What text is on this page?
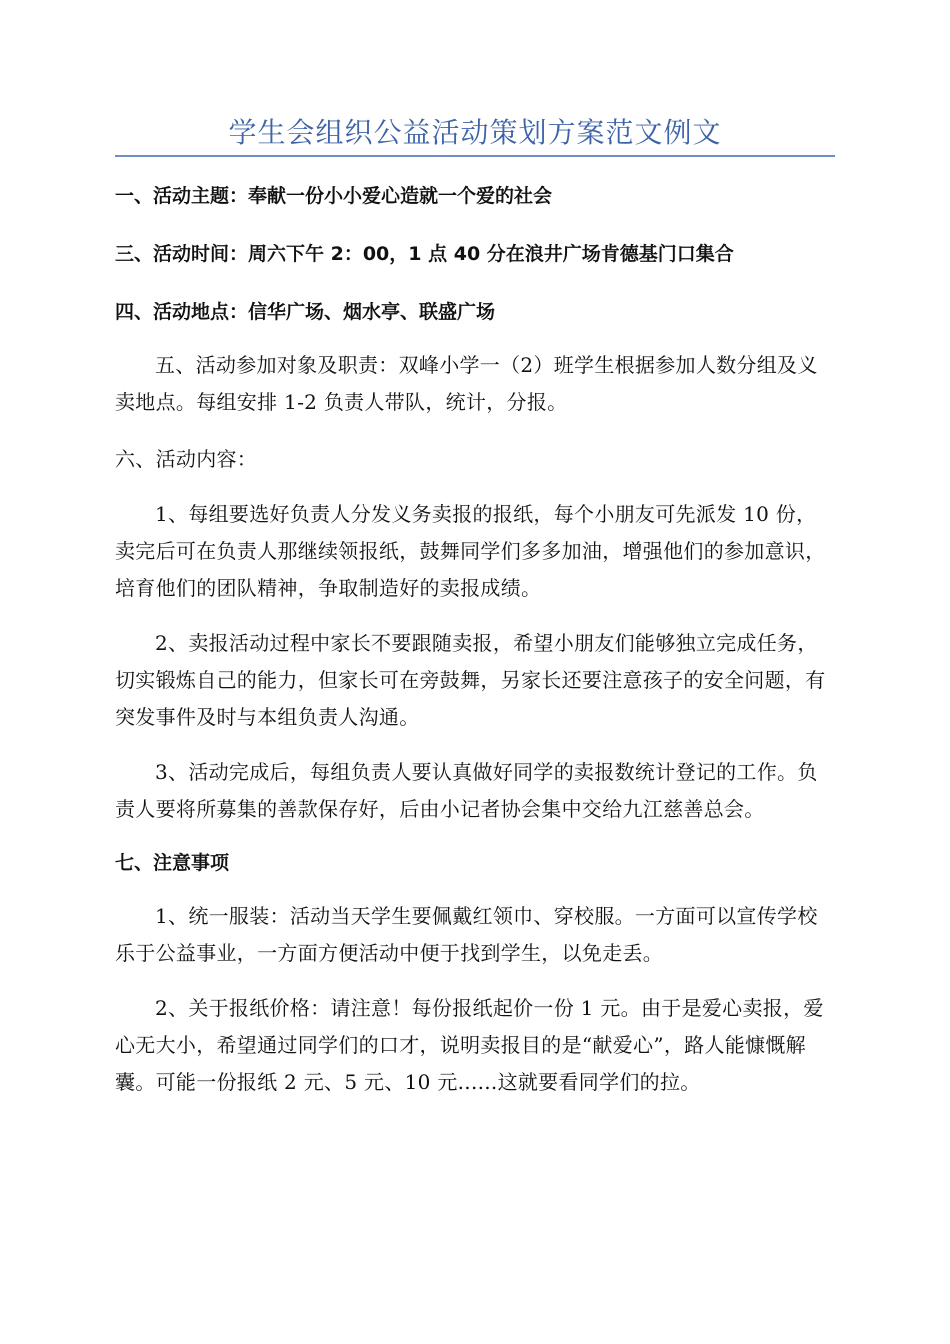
学生会组织公益活动策划方案范文例文
一、活动主题：奉献一份小小爱心造就一个爱的社会
三、活动时间：周六下午 2：00，1 点 40 分在浪井广场肯德基门口集合
四、活动地点：信华广场、烟水亭、联盛广场
五、活动参加对象及职责：双峰小学一（2）班学生根据参加人数分组及义卖地点。每组安排 1-2 负责人带队，统计，分报。
六、活动内容：
1、每组要选好负责人分发义务卖报的报纸，每个小朋友可先派发 10 份，卖完后可在负责人那继续领报纸，鼓舞同学们多多加油，增强他们的参加意识，培育他们的团队精神，争取制造好的卖报成绩。
2、卖报活动过程中家长不要跟随卖报，希望小朋友们能够独立完成任务，切实锻炼自己的能力，但家长可在旁鼓舞，另家长还要注意孩子的安全问题，有突发事件及时与本组负责人沟通。
3、活动完成后，每组负责人要认真做好同学的卖报数统计登记的工作。负责人要将所募集的善款保存好，后由小记者协会集中交给九江慈善总会。
七、注意事项
1、统一服装：活动当天学生要佩戴红领巾、穿校服。一方面可以宣传学校乐于公益事业，一方面方便活动中便于找到学生，以免走丢。
2、关于报纸价格：请注意！每份报纸起价一份 1 元。由于是爱心卖报，爱心无大小，希望通过同学们的口才，说明卖报目的是“献爱心”，路人能慷慨解囊。可能一份报纸 2 元、5 元、10 元......这就要看同学们的拉。
